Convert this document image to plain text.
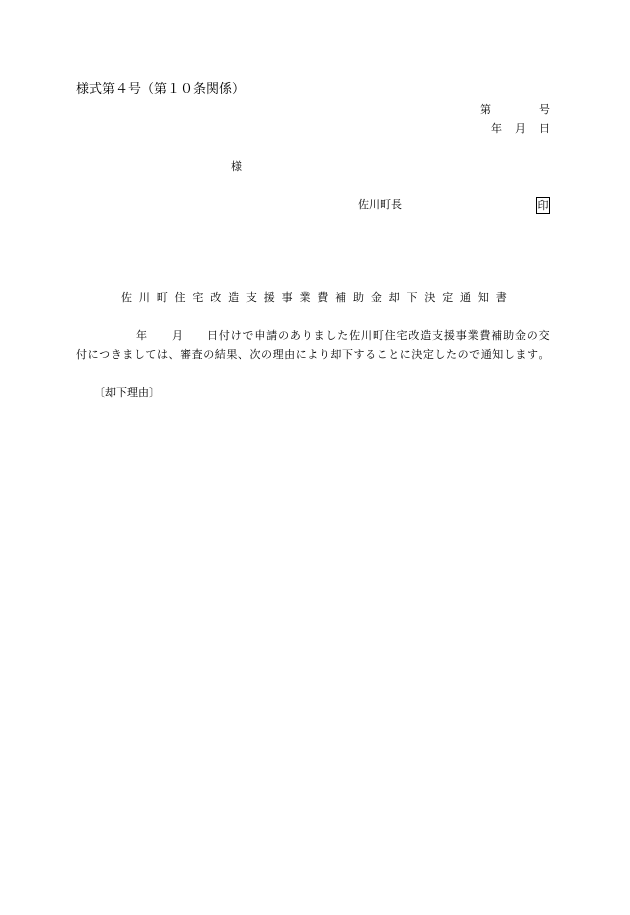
様式第４号（第１０条関係）
第	号
年 月 日
様
佐川町長	印
佐 川 町 住 宅 改 造 支 援 事 業 費 補 助 金 却 下 決 定 通 知 書
年 月 日 付 け で 申 請 の あ り ま し た 佐 川 町 住 宅 改 造 支 援 事 業 費 補 助 金 の 交
付 に つ き ま し て は 、 審 査 の 結 果 、 次 の 理 由 に よ り 却 下 す る こ と に 決 定 し た の で 通 知 し ま す 。
〔却下理由〕
